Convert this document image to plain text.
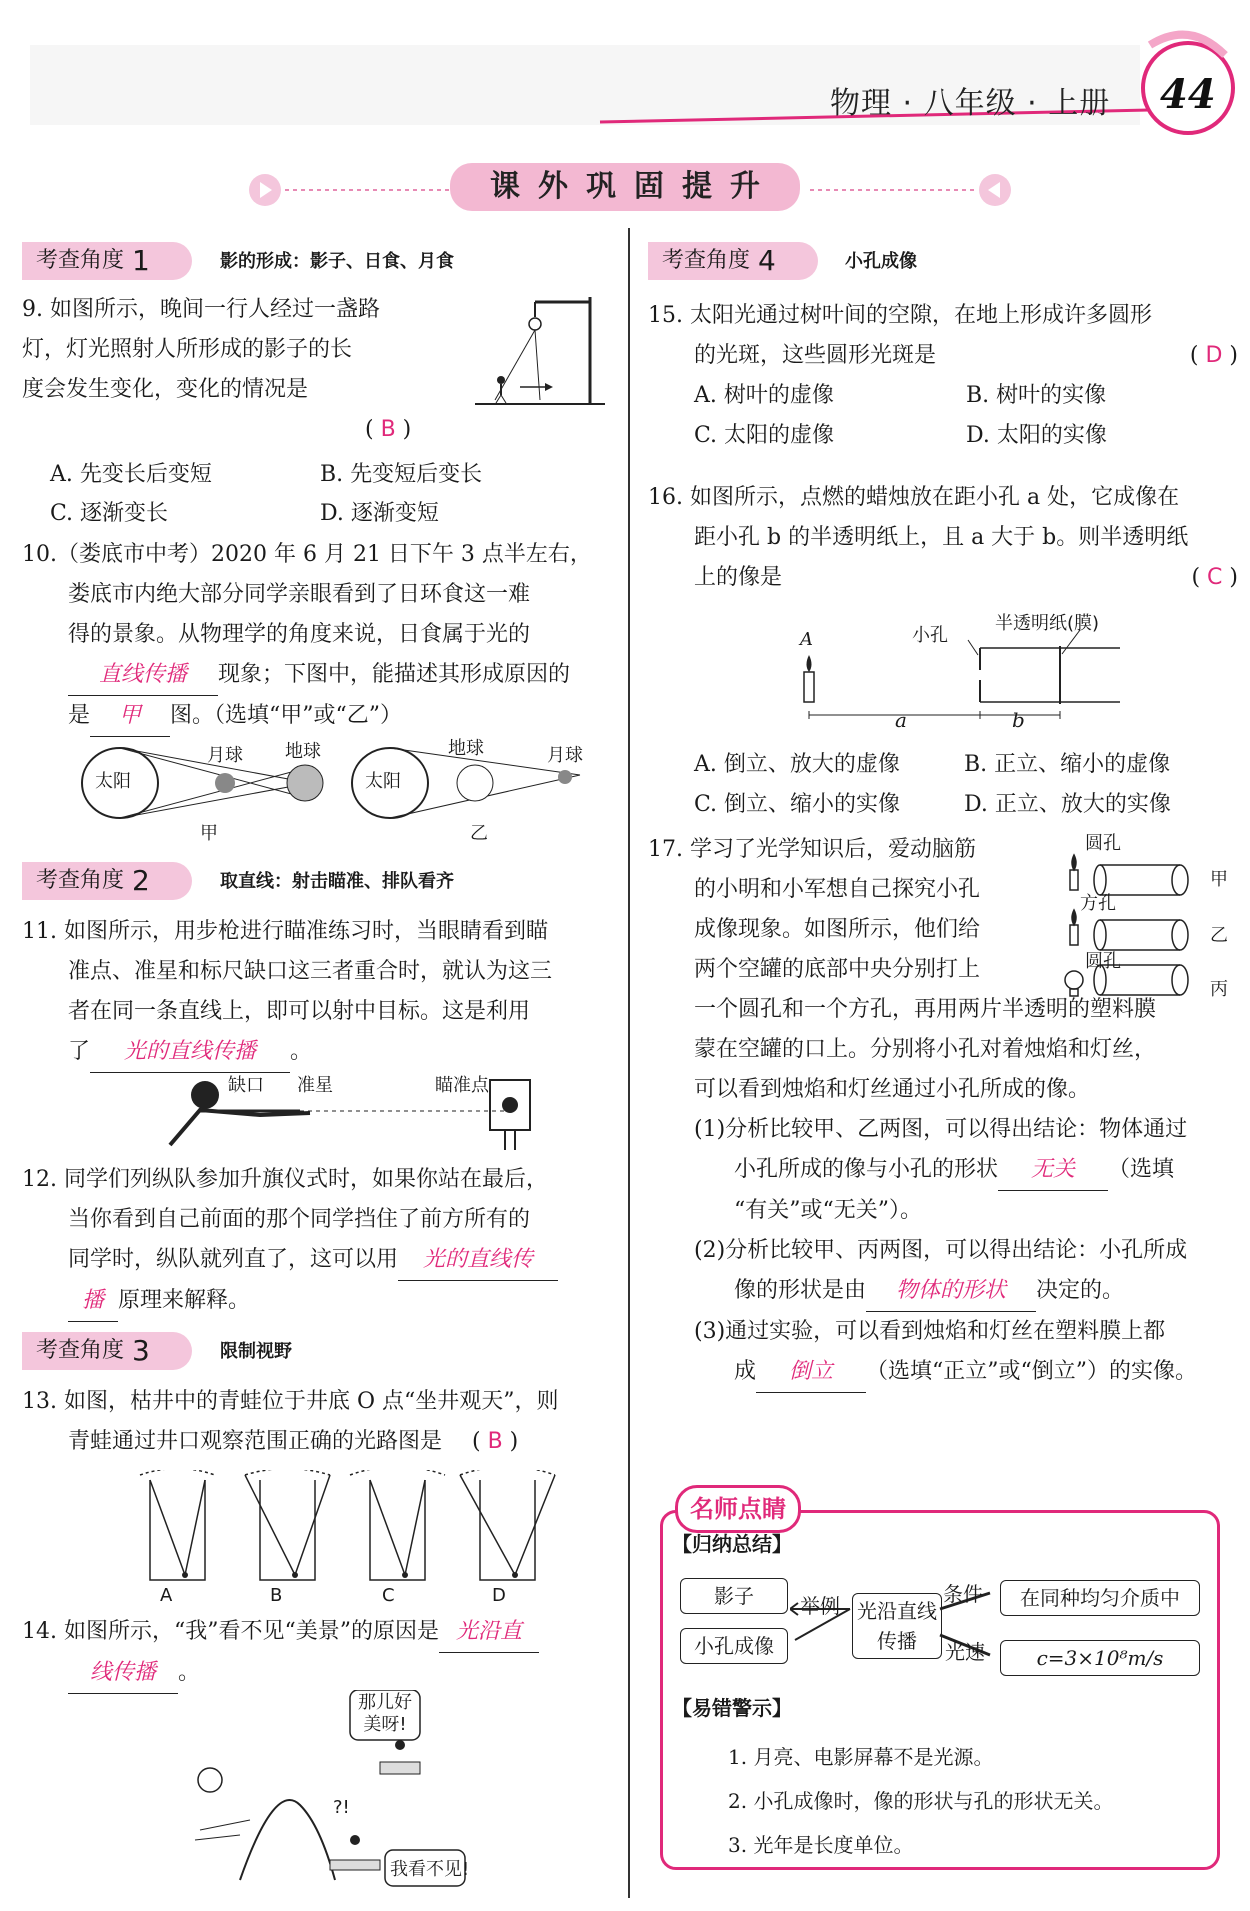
物理 · 八年级 · 上册 44
课 外 巩 固 提 升
考查角度 1	影的形成：影子、日食、月食
9. 如图所示，晚间一行人经过一盏路
灯，灯光照射人所形成的影子的长
度会发生变化，变化的情况是
( B )
A. 先变长后变短	B. 先变短后变长
C. 逐渐变长	D. 逐渐变短
10.（娄底市中考）2020 年 6 月 21 日下午 3 点半左右，
娄底市内绝大部分同学亲眼看到了日环食这一难
得的景象。从物理学的角度来说，日食属于光的
直线传播 现象；下图中，能描述其形成原因的
是 甲 图。（选填“甲”或“乙”）
太阳
月球 地球
甲
太阳
地球	月球
乙
考查角度 2	取直线：射击瞄准、排队看齐
11. 如图所示，用步枪进行瞄准练习时，当眼睛看到瞄
准点、准星和标尺缺口这三者重合时，就认为这三
者在同一条直线上，即可以射中目标。这是利用
了 光的直线传播 。
缺口 准星	瞄准点
12. 同学们列纵队参加升旗仪式时，如果你站在最后，
当你看到自己前面的那个同学挡住了前方所有的
同学时，纵队就列直了，这可以用 光的直线传
播 原理来解释。
考查角度 3	限制视野
13. 如图，枯井中的青蛙位于井底 O 点“坐井观天”，则
青蛙通过井口观察范围正确的光路图是 ( B )
A	B	C	D
14. 如图所示，“我”看不见“美景”的原因是 光沿直
线传播 。
那儿好美呀!
我看不见!
?!
考查角度 4	小孔成像
15. 太阳光通过树叶间的空隙，在地上形成许多圆形
的光斑，这些圆形光斑是	( D )
A. 树叶的虚像	B. 树叶的实像
C. 太阳的虚像	D. 太阳的实像
16. 如图所示，点燃的蜡烛放在距小孔 a 处，它成像在
距小孔 b 的半透明纸上，且 a 大于 b。则半透明纸
上的像是	( C )
A	小孔
半透明纸(膜)
a	b
A. 倒立、放大的虚像	B. 正立、缩小的虚像
C. 倒立、缩小的实像	D. 正立、放大的实像
17. 学习了光学知识后，爱动脑筋
的小明和小军想自己探究小孔
成像现象。如图所示，他们给
两个空罐的底部中央分别打上
一个圆孔和一个方孔，再用两片半透明的塑料膜
蒙在空罐的口上。分别将小孔对着烛焰和灯丝，
可以看到烛焰和灯丝通过小孔所成的像。
(1)分析比较甲、乙两图，可以得出结论：物体通过
小孔所成的像与小孔的形状 无关 （选填
“有关”或“无关”）。
(2)分析比较甲、丙两图，可以得出结论：小孔所成
像的形状是由 物体的形状 决定的。
(3)通过实验，可以看到烛焰和灯丝在塑料膜上都
成 倒立 （选填“正立”或“倒立”）的实像。
圆孔
方孔
圆孔
甲
乙
丙
名师点睛
【归纳总结】
影子
小孔成像
举例 光沿直线传播
条件
光速
在同种均匀介质中
c=3×10⁸m/s
【易错警示】
1. 月亮、电影屏幕不是光源。
2. 小孔成像时，像的形状与孔的形状无关。
3. 光年是长度单位。
